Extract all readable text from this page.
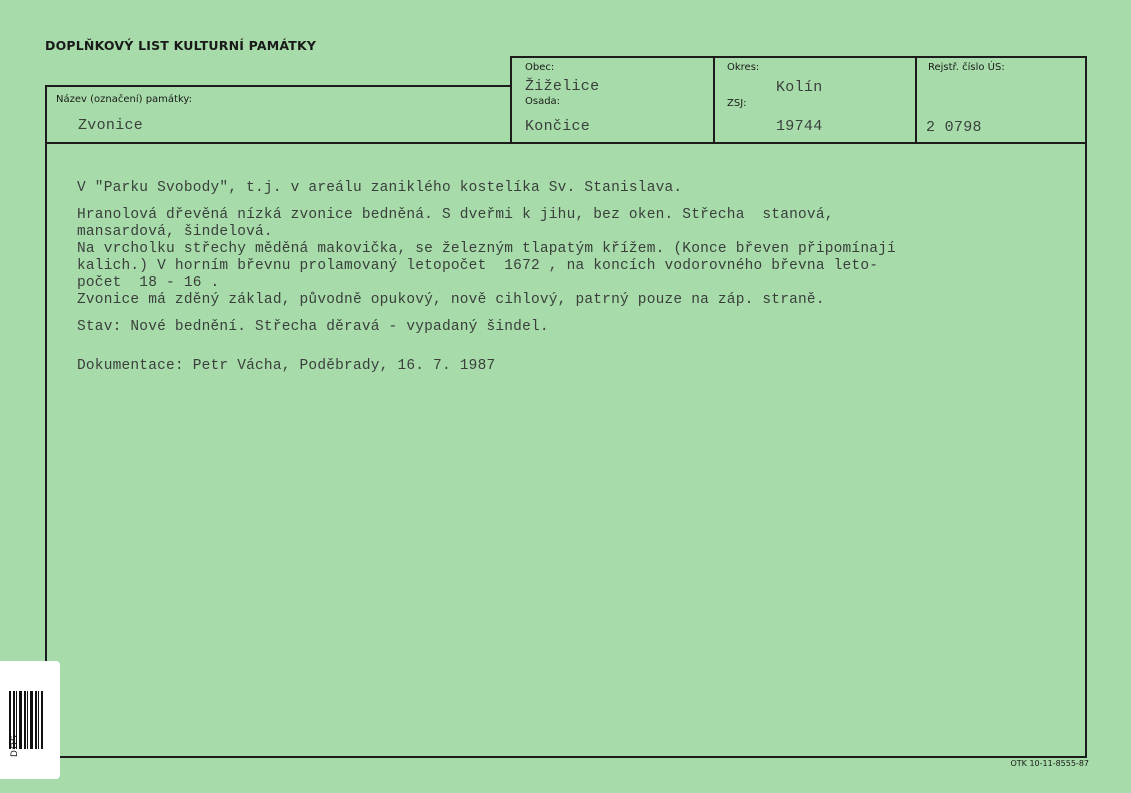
DOPLŇKOVÝ LIST KULTURNÍ PAMÁTKY
Název (označení) památky:
Zvonice
Obec:
Žiželice
Osada:
Končice
Okres:
Kolín
ZSJ:
19744
Rejstř. číslo ÚS:
2 0798

V "Parku Svobody", t.j. v areálu zaniklého kostelíka Sv. Stanislava.

Hranolová dřevěná nízká zvonice bedněná. S dveřmi k jihu, bez oken. Střecha  stanová,

mansardová, šindelová.

Na vrcholku střechy měděná makovička, se železným tlapatým křížem. (Konce břeven připomínají

kalich.) V horním břevnu prolamovaný letopočet  1672 , na koncích vodorovného břevna leto-

počet  18 - 16 .

Zvonice má zděný základ, původně opukový, nově cihlový, patrný pouze na záp. straně.

Stav: Nové bednění. Střecha děravá - vypadaný šindel.

Dokumentace: Petr Vácha, Poděbrady, 16. 7. 1987

OTK 10-11-8555-87
DOS
